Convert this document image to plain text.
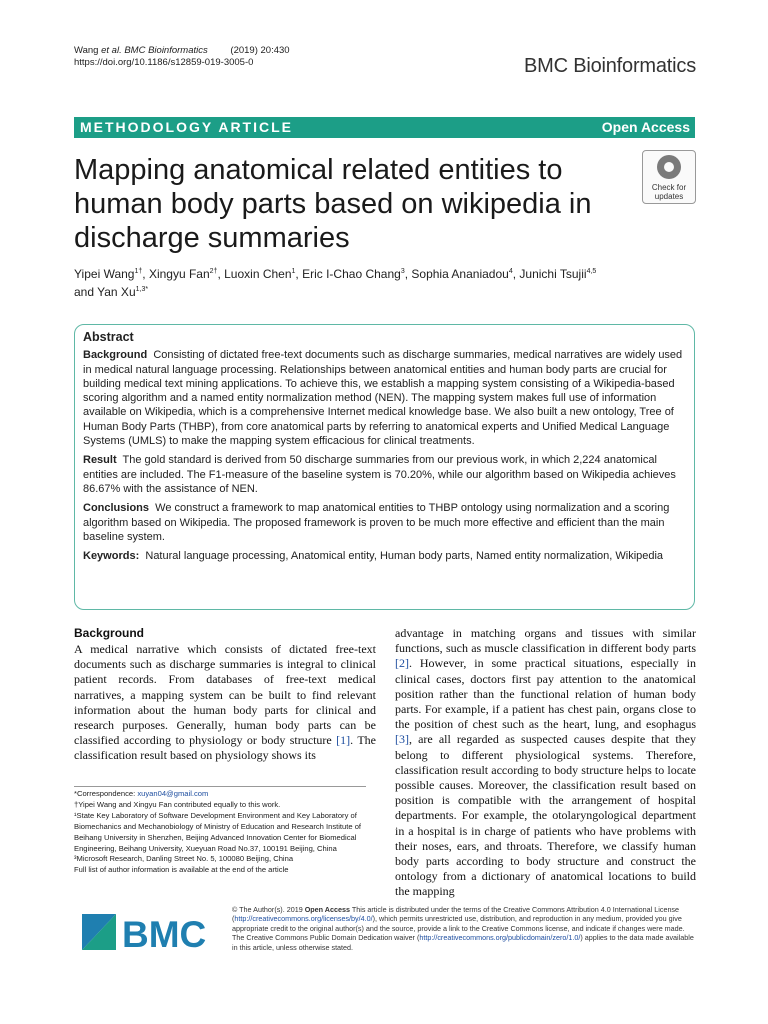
Wang et al. BMC Bioinformatics (2019) 20:430
https://doi.org/10.1186/s12859-019-3005-0	BMC Bioinformatics
METHODOLOGY ARTICLE	Open Access
Mapping anatomical related entities to human body parts based on wikipedia in discharge summaries
Check for
updates
Yipei Wang$^{1\dagger}$, Xingyu Fan$^{2\dagger}$, Luoxin Chen$^1$, Eric I-Chao Chang$^3$, Sophia Ananiadou$^4$, Junichi Tsujii$^{4,5}$
and Yan $Xu^{1,3*}$
Abstract

Background Consisting of dictated free-text documents such as discharge summaries, medical narratives are widely used in medical natural language processing. Relationships between anatomical entities and human body parts are crucial for building medical text mining applications. To achieve this, we establish a mapping system consisting of a Wikipedia-based scoring algorithm and a named entity normalization method (NEN). The mapping system makes full use of information available on Wikipedia, which is a comprehensive Internet medical knowledge base. We also built a new ontology, Tree of Human Body Parts (THBP), from core anatomical parts by referring to anatomical experts and Unified Medical Language Systems (UMLS) to make the mapping system efficacious for clinical treatments.

Result The gold standard is derived from 50 discharge summaries from our previous work, in which 2,224 anatomical entities are included. The F1-measure of the baseline system is 70.20%, while our algorithm based on Wikipedia achieves 86.67% with the assistance of NEN.

Conclusions We construct a framework to map anatomical entities to THBP ontology using normalization and a scoring algorithm based on Wikipedia. The proposed framework is proven to be much more effective and efficient than the main baseline system.

Keywords: Natural language processing, Anatomical entity, Human body parts, Named entity normalization, Wikipedia

Background
A medical narrative which consists of dictated free-text documents such as discharge summaries is integral to clinical patient records. From databases of free-text medical narratives, a mapping system can be built to find relevant information about the human body parts for clinical and research purposes. Generally, human body parts can be classified according to physiology or body structure [1]. The classification result based on physiology shows its
advantage in matching organs and tissues with similar functions, such as muscle classification in different body parts [2]. However, in some practical situations, especially in clinical cases, doctors first pay attention to the anatomical position rather than the functional relation of human body parts. For example, if a patient has chest pain, organs close to the position of chest such as the heart, lung, and esophagus [3], are all regarded as suspected causes despite that they belong to different physiological systems. Therefore, classification result according to body structure helps to locate possible causes. Moreover, the classification result based on position is compatible with the arrangement of hospital departments. For example, the otolaryngological department in a hospital is in charge of patients who have problems with their noses, ears, and throats. Therefore, we classify human body parts according to body structure and construct the ontology from a dictionary of anatomical locations to build the mapping
*Correspondence: xuyan04@gmail.com
†Yipei Wang and Xingyu Fan contributed equally to this work.
¹State Key Laboratory of Software Development Environment and Key Laboratory of Biomechanics and Mechanobiology of Ministry of Education and Research Institute of Beihang University in Shenzhen, Beijing Advanced Innovation Center for Biomedical Engineering, Beihang University, Xueyuan Road No.37, 100191 Beijing, China
³Microsoft Research, Danling Street No. 5, 100080 Beijing, China
Full list of author information is available at the end of the article
BMC
© The Author(s). 2019 Open Access This article is distributed under the terms of the Creative Commons Attribution 4.0 International License (http://creativecommons.org/licenses/by/4.0/), which permits unrestricted use, distribution, and reproduction in any medium, provided you give appropriate credit to the original author(s) and the source, provide a link to the Creative Commons license, and indicate if changes were made. The Creative Commons Public Domain Dedication waiver (http://creativecommons.org/publicdomain/zero/1.0/) applies to the data made available in this article, unless otherwise stated.
